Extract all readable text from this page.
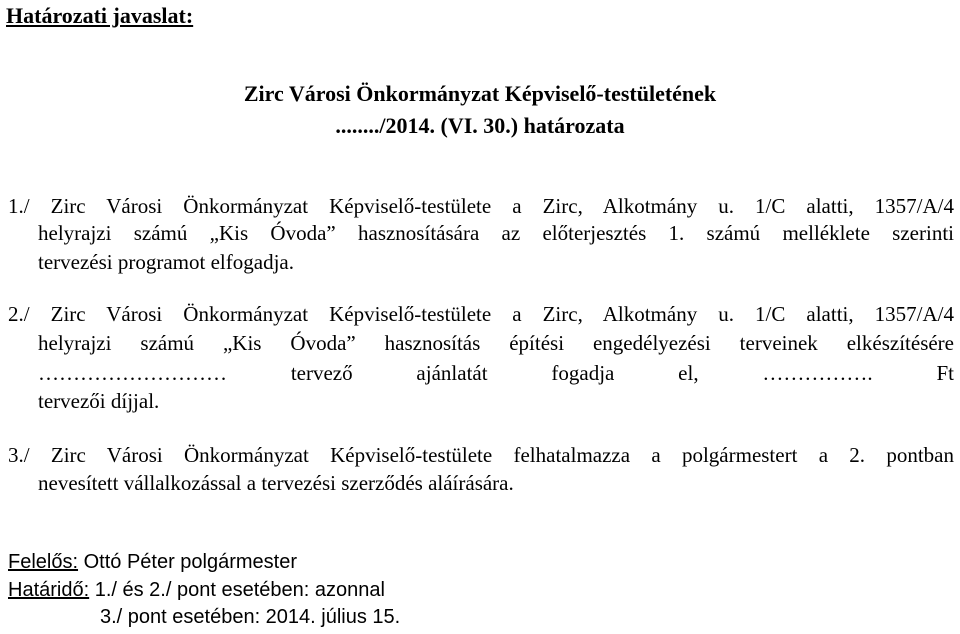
Határozati javaslat:
Zirc Városi Önkormányzat Képviselő-testületének
......../2014. (VI. 30.) határozata
1./ Zirc Városi Önkormányzat Képviselő-testülete a Zirc, Alkotmány u. 1/C alatti, 1357/A/4
helyrajzi számú „Kis Óvoda” hasznosítására az előterjesztés 1. számú melléklete szerinti
tervezési programot elfogadja.
2./ Zirc Városi Önkormányzat Képviselő-testülete a Zirc, Alkotmány u. 1/C alatti, 1357/A/4
helyrajzi számú „Kis Óvoda” hasznosítás építési engedélyezési terveinek elkészítésére
……………………… tervező ajánlatát fogadja el, ……………. Ft
tervezői díjjal.
3./ Zirc Városi Önkormányzat Képviselő-testülete felhatalmazza a polgármestert a 2. pontban
nevesített vállalkozással a tervezési szerződés aláírására.
Felelős: Ottó Péter polgármester
Határidő: 1./ és 2./ pont esetében: azonnal
3./ pont esetében: 2014. július 15.
